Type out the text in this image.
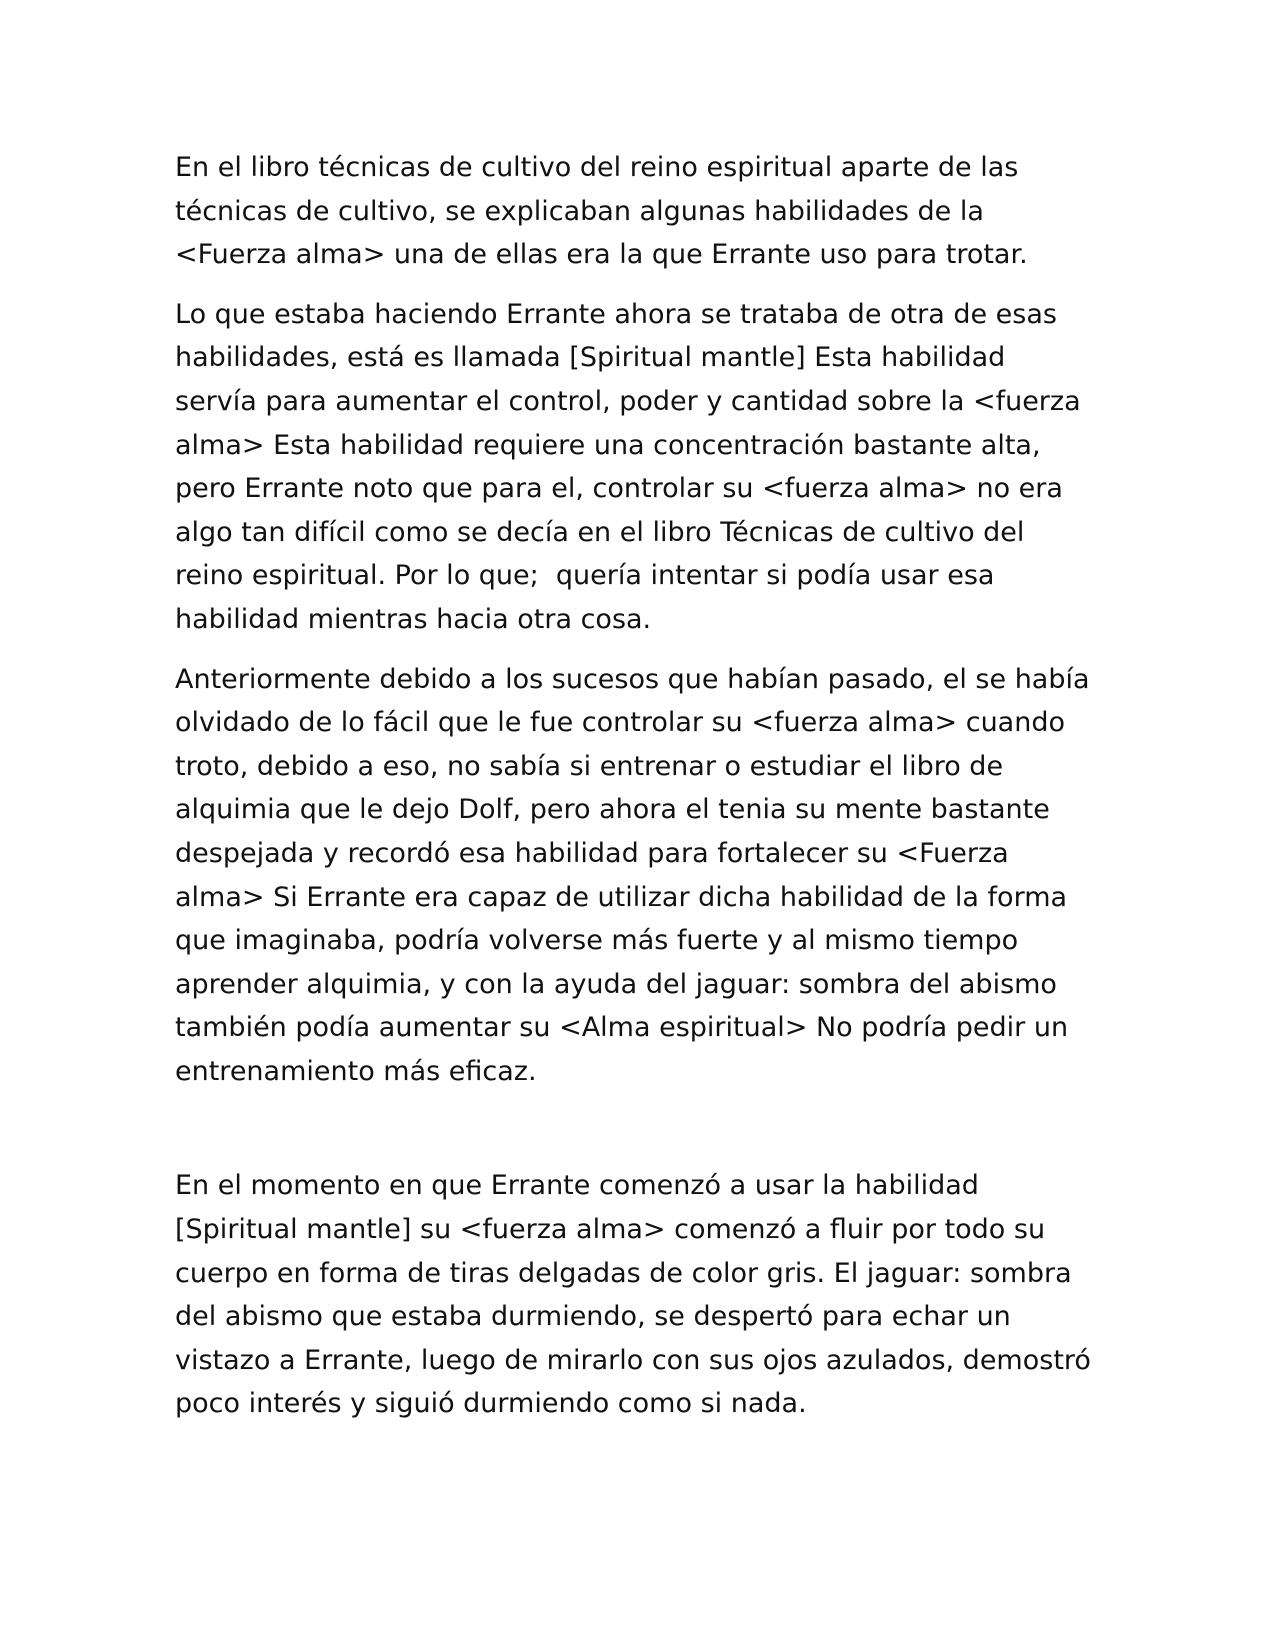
En el libro técnicas de cultivo del reino espiritual aparte de las técnicas de cultivo, se explicaban algunas habilidades de la <Fuerza alma> una de ellas era la que Errante uso para trotar.

Lo que estaba haciendo Errante ahora se trataba de otra de esas habilidades, está es llamada [Spiritual mantle] Esta habilidad servía para aumentar el control, poder y cantidad sobre la <fuerza alma> Esta habilidad requiere una concentración bastante alta, pero Errante noto que para el, controlar su <fuerza alma> no era algo tan difícil como se decía en el libro Técnicas de cultivo del reino espiritual. Por lo que;  quería intentar si podía usar esa habilidad mientras hacia otra cosa.

Anteriormente debido a los sucesos que habían pasado, el se había olvidado de lo fácil que le fue controlar su <fuerza alma> cuando troto, debido a eso, no sabía si entrenar o estudiar el libro de alquimia que le dejo Dolf, pero ahora el tenia su mente bastante despejada y recordó esa habilidad para fortalecer su <Fuerza alma> Si Errante era capaz de utilizar dicha habilidad de la forma que imaginaba, podría volverse más fuerte y al mismo tiempo aprender alquimia, y con la ayuda del jaguar: sombra del abismo también podía aumentar su <Alma espiritual> No podría pedir un entrenamiento más eficaz.

En el momento en que Errante comenzó a usar la habilidad [Spiritual mantle] su <fuerza alma> comenzó a fluir por todo su cuerpo en forma de tiras delgadas de color gris. El jaguar: sombra del abismo que estaba durmiendo, se despertó para echar un vistazo a Errante, luego de mirarlo con sus ojos azulados, demostró poco interés y siguió durmiendo como si nada.
